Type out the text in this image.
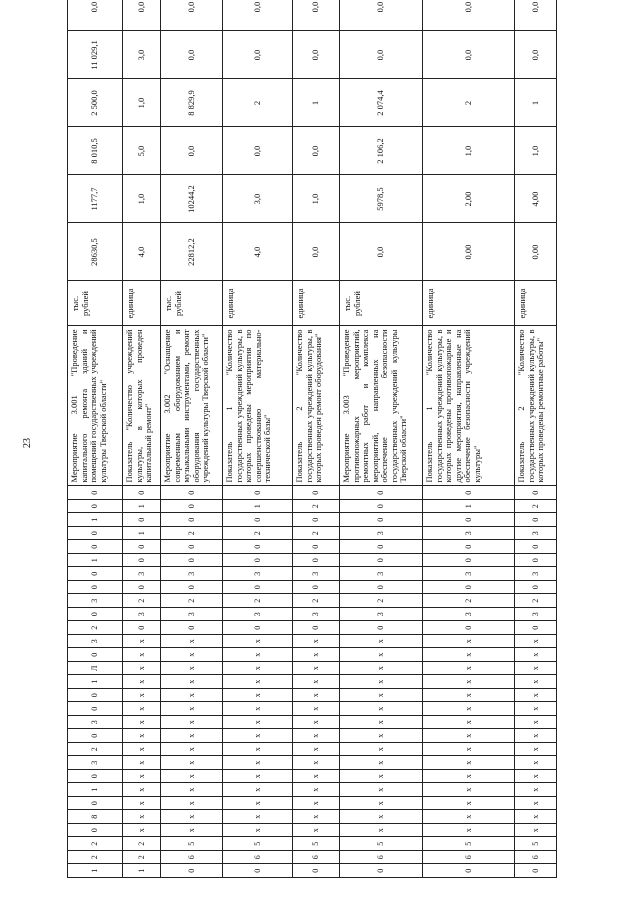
23
1	2	2	0	8	0	1	0	3	2	0	3	0	0	1	Л	0	3	2	0	3	0	0	1	0	0	1	0	0	Мероприятие 3.001 "Проведение капитального ремонта зданий и помещений государственных учреждений культуры Тверской области"	тыс. рублей	28630,5	1177,7	8 010,5	2 500,0	11 029,1	0,0		
1	2	2	x	x	x	x	x	x	x	x	x	x	x	x	x	x	x	0	3	2	0	3	0	0	1	0	1	0	Показатель "Количество учреждений культуры, в которых проведен капитальный ремонт"	единица	4,0	1,0	5,0	1,0	3,0	0,0		
0	6	5	x	x	x	x	x	x	x	x	x	x	x	x	x	x	x	0	3	2	0	3	0	0	2	0	0	0	Мероприятие 3.002 "Оснащение современным оборудованием и музыкальными инструментами, ремонт оборудования государственных учреждений культуры Тверской области"	тыс. рублей	22812,2	10244,2	0,0	8 829,9	0,0	0,0		
0	6	5	x	x	x	x	x	x	x	x	x	x	x	x	x	x	x	0	3	2	0	3	0	0	2	0	1	0	Показатель 1 "Количество государственных учреждений культуры, в которых проведены мероприятия по совершенствованию материально-технической базы"	единица	4,0	3,0	0,0	2	0,0	0,0		
0	6	5	x	x	x	x	x	x	x	x	x	x	x	x	x	x	x	0	3	2	0	3	0	0	2	0	2	0	Показатель 2 "Количество государственных учреждений культуры, в которых проведен ремонт оборудования"	единица	0,0	1,0	0,0	1	0,0	0,0		
0	6	5	x	x	x	x	x	x	x	x	x	x	x	x	x	x	x	0	3	2	0	3	0	0	3	0	0	0	Мероприятие 3.003 "Проведение противопожарных мероприятий, ремонтных работ и комплекса мероприятий, направленных на обеспечение безопасности государственных учреждений культуры Тверской области"	тыс. рублей	0,0	5978,5	2 106,2	2 074,4	0,0	0,0		
0	6	5	x	x	x	x	x	x	x	x	x	x	x	x	x	x	x	0	3	2	0	3	0	0	3	0	1	0	Показатель 1 "Количество государственных учреждений культуры, в которых проведены противопожарные и другие мероприятия, направленные на обеспечение безопасности учреждений культуры"	единица	0,00	2,00	1,0	2	0,0	0,0		
0	6	5	x	x	x	x	x	x	x	x	x	x	x	x	x	x	x	0	3	2	0	3	0	0	3	0	2	0	Показатель 2 "Количество государственных учреждений культуры, в которых проведены ремонтные работы"	единица	0,00	4,00	1,0	1	0,0	0,0		
